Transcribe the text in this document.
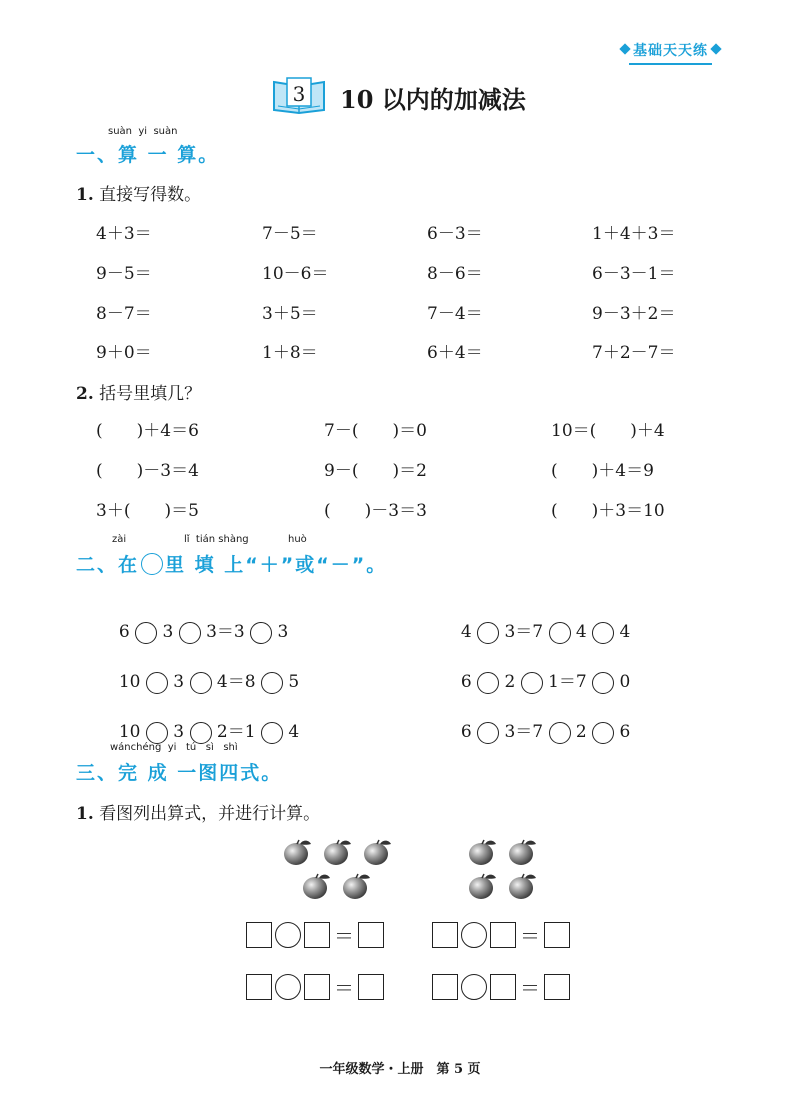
基础天天练
3 10 以内的加减法
suàn yi suàn
一、算 一 算。
1. 直接写得数。
4＋3＝	7－5＝	6－3＝	1＋4＋3＝
9－5＝	10－6＝	8－6＝	6－3－1＝
8－7＝	3＋5＝	7－4＝	9－3＋2＝
9＋0＝	1＋8＝	6＋4＝	7＋2－7＝
2. 括号里填几？
(　　)＋4＝6	7－(　　)＝0	10＝(　　)＋4
(　　)－3＝4	9－(　　)＝2	(　　)＋4＝9
3＋(　　)＝5	(　　)－3＝3	(　　)＋3＝10
zài	lǐ tián shàng	huò
二、在 里 填 上“＋”或“－”。

6 3 3＝3 3	4 3＝7 4 4

10 3 4＝8 5	6 2 1＝7 0

10 3 2＝1 4	6 3＝7 2 6

wánchéng yi tú sì shì
三、完 成 一图四式。
1. 看图列出算式，并进行计算。
＝	＝
＝	＝
一年级数学・上册　第 5 页
